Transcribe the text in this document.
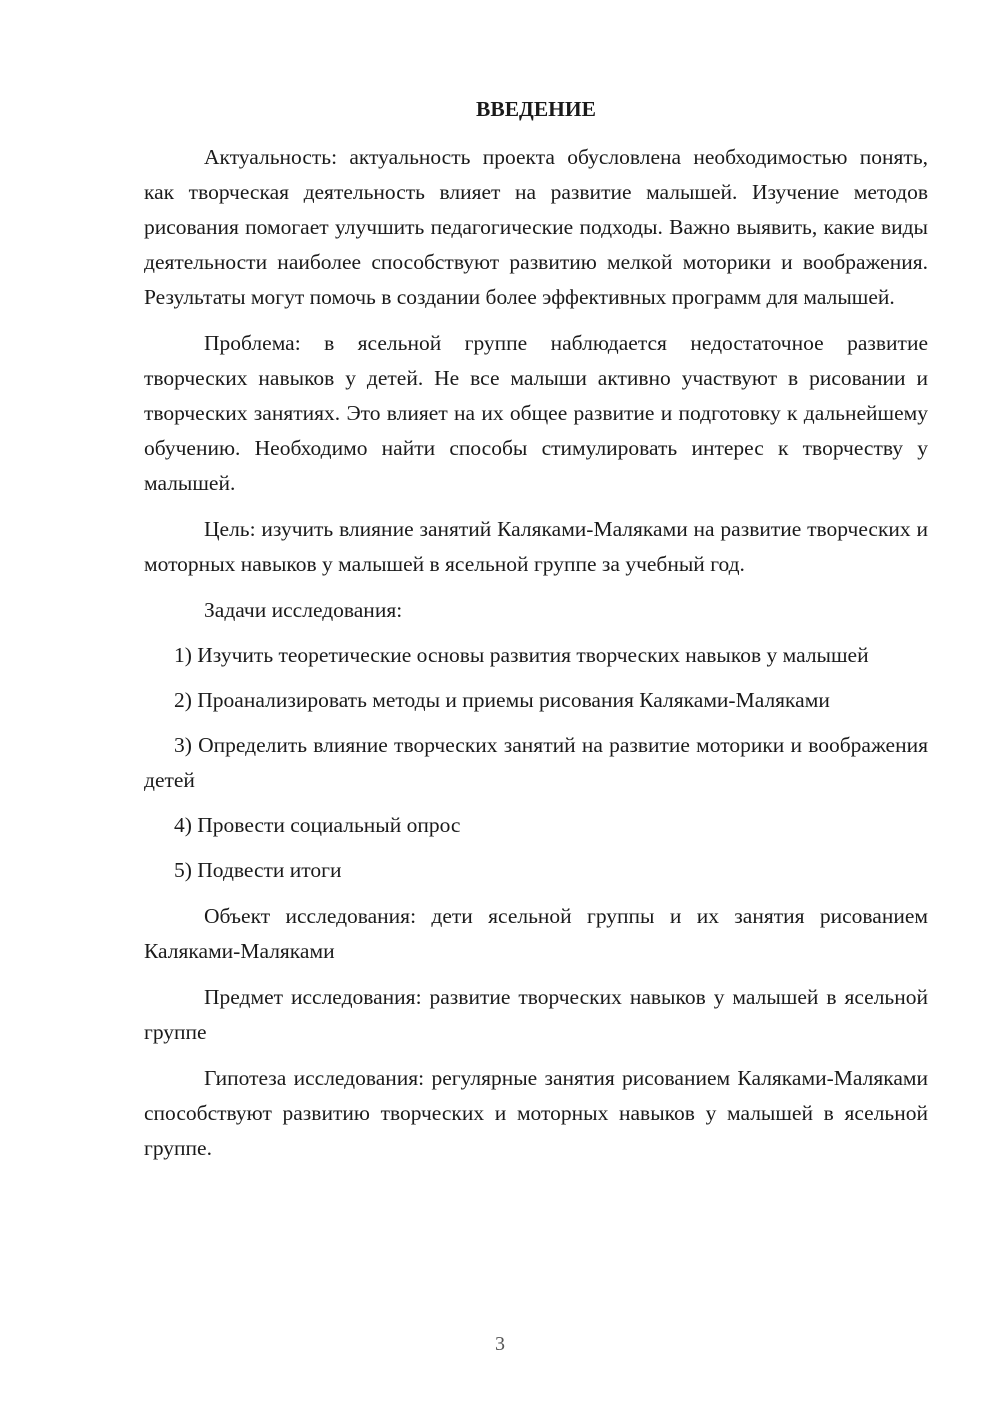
ВВЕДЕНИЕ

Актуальность: актуальность проекта обусловлена необходимостью понять, как творческая деятельность влияет на развитие малышей. Изучение методов рисования помогает улучшить педагогические подходы. Важно выявить, какие виды деятельности наиболее способствуют развитию мелкой моторики и воображения. Результаты могут помочь в создании более эффективных программ для малышей.

Проблема: в ясельной группе наблюдается недостаточное развитие творческих навыков у детей. Не все малыши активно участвуют в рисовании и творческих занятиях. Это влияет на их общее развитие и подготовку к дальнейшему обучению. Необходимо найти способы стимулировать интерес к творчеству у малышей.

Цель: изучить влияние занятий Каляками-Маляками на развитие творческих и моторных навыков у малышей в ясельной группе за учебный год.

Задачи исследования:

1) Изучить теоретические основы развития творческих навыков у малышей

2) Проанализировать методы и приемы рисования Каляками-Маляками

3) Определить влияние творческих занятий на развитие моторики и воображения детей

4) Провести социальный опрос

5) Подвести итоги

Объект исследования: дети ясельной группы и их занятия рисованием Каляками-Маляками

Предмет исследования: развитие творческих навыков у малышей в ясельной группе

Гипотеза исследования: регулярные занятия рисованием Каляками-Маляками способствуют развитию творческих и моторных навыков у малышей в ясельной группе.

3
